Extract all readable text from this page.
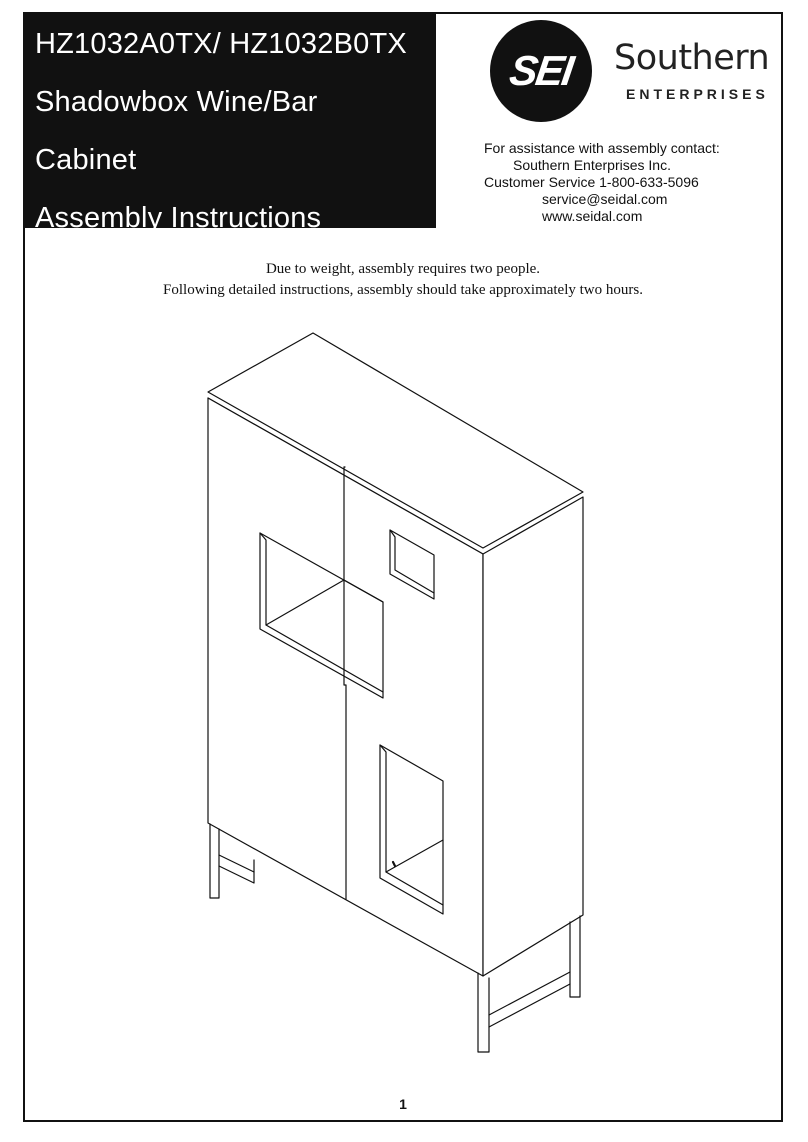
HZ1032A0TX/ HZ1032B0TX
Shadowbox Wine/Bar
Cabinet
Assembly Instructions
SEI Southern
ENTERPRISES
For assistance with assembly contact:
Southern Enterprises Inc.
Customer Service 1-800-633-5096
service@seidal.com
www.seidal.com
Due to weight, assembly requires two people.
Following detailed instructions, assembly should take approximately two hours.
1
